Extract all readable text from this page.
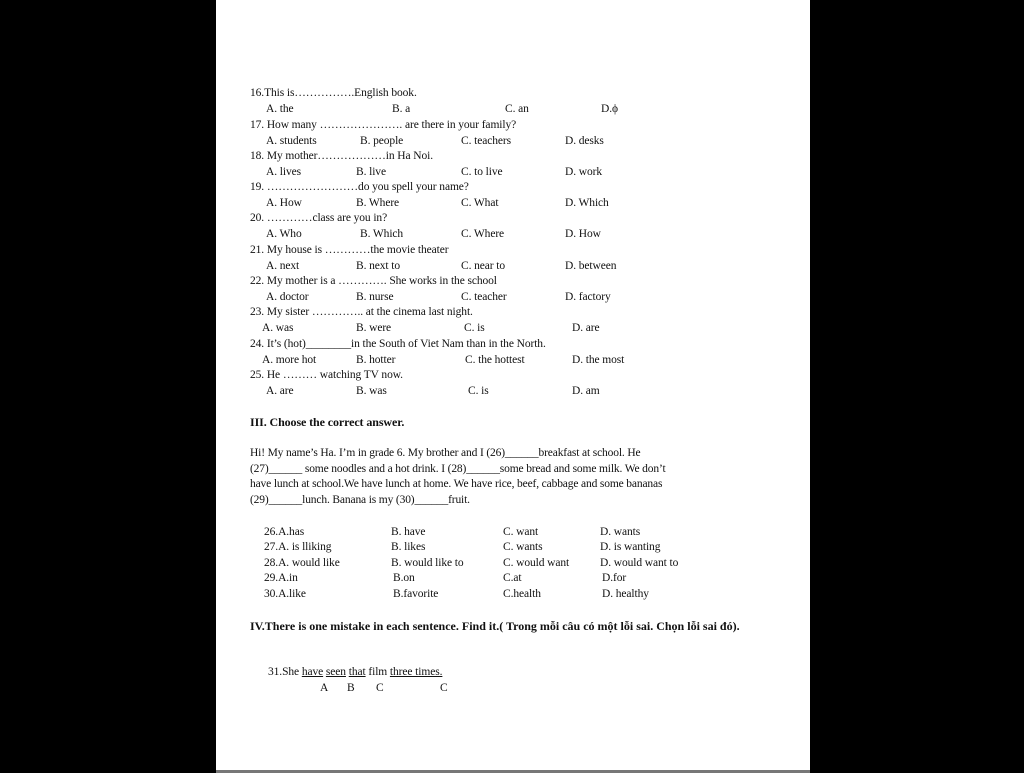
16.This is…………….English book.
A. the	B. a	C. an	D.ϕ
17. How many …………………. are there in your family?
A. students	B. people	C. teachers	D. desks
18. My mother………………in Ha Noi.
A. lives	B. live	C. to live	D. work
19. ……………………do you spell your name?
A. How	B. Where	C. What	D. Which
20. …………class are you in?
A. Who	B. Which	C. Where	D. How
21. My house is …………the movie theater
A. next	B. next to	C. near to	D. between
22. My mother is a …………. She works in the school
A. doctor	B. nurse	C. teacher	D. factory
23. My sister ………….. at the cinema last night.
A. was	B. were	C. is	D. are
24. It’s (hot)________in the South of Viet Nam than in the North.
A. more hot	B. hotter	C. the hottest	D. the most
25. He ……… watching TV now.
A. are	B. was	C. is	D. am
III. Choose the correct answer.
Hi! My name’s Ha. I’m in grade 6. My brother and I (26)______breakfast at school. He
(27)______ some noodles and a hot drink. I (28)______some bread and some milk. We don’t
have lunch at school.We have lunch at home. We have rice, beef, cabbage and some bananas
(29)______lunch. Banana is my (30)______fruit.
26.A.has	B. have	C. want	D. wants
27.A. is lliking	B. likes	C. wants	D. is wanting
28.A. would like	B. would like to	C. would want	D. would want to
29.A.in	B.on	C.at	D.for
30.A.like	B.favorite	C.health	D. healthy
IV.There is one mistake in each sentence. Find it.( Trong mỗi câu có một lỗi sai. Chọn lỗi sai đó).
31.She have seen that film three times.
A B C	C
